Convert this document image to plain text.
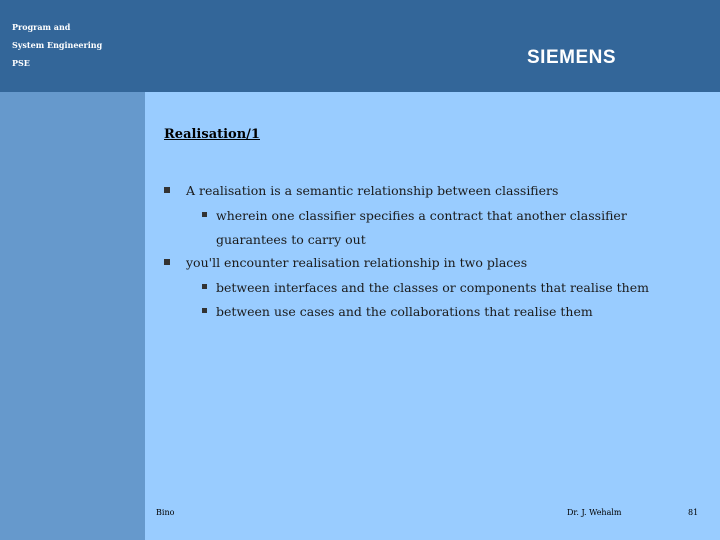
Program and
System Engineering
PSE	SIEMENS
Realisation/1
A realisation is a semantic relationship between classifiers
wherein one classifier specifies a contract that another classifier
guarantees to carry out
you'll encounter realisation relationship in two places
between interfaces and the classes or components that realise them
between use cases and the collaborations that realise them
Bino	Dr. J. Wehalm	81
